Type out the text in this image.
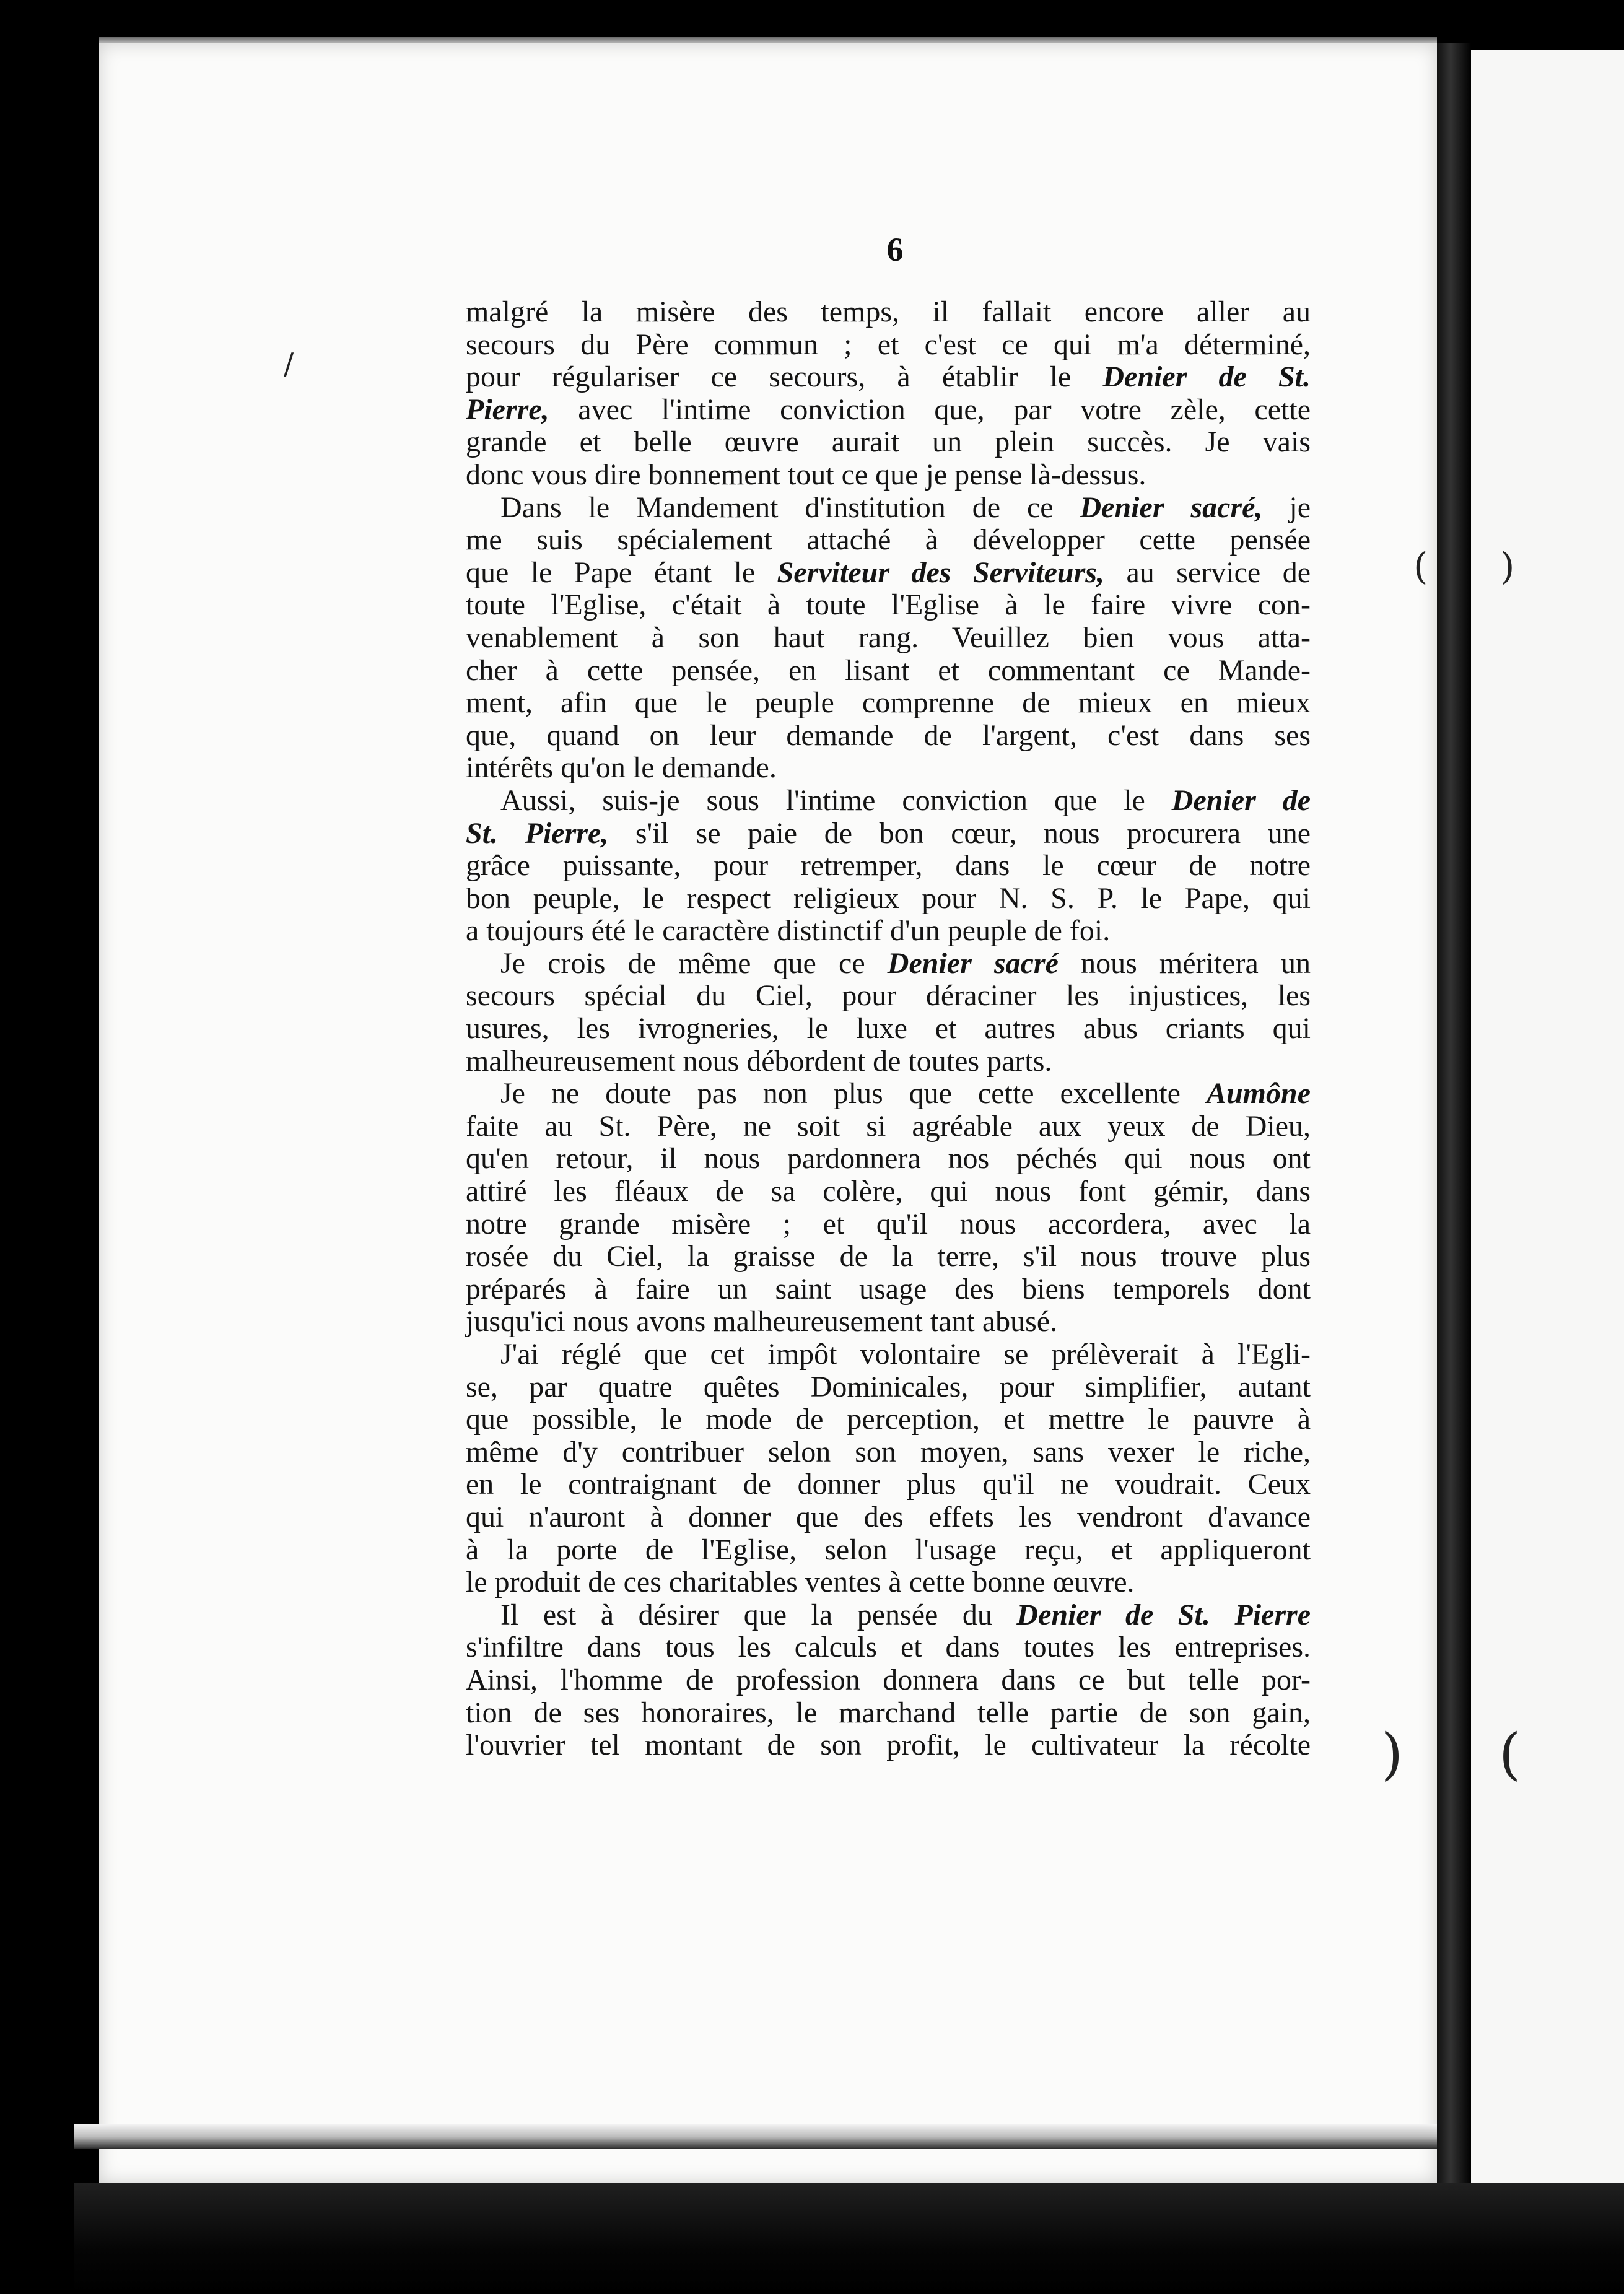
/
( )
) (
6
malgré la misère des temps, il fallait encore aller au
secours du Père commun ; et c'est ce qui m'a déterminé,
pour régulariser ce secours, à établir le Denier de St.
Pierre, avec l'intime conviction que, par votre zèle, cette
grande et belle œuvre aurait un plein succès. Je vais
donc vous dire bonnement tout ce que je pense là-dessus.
Dans le Mandement d'institution de ce Denier sacré, je
me suis spécialement attaché à développer cette pensée
que le Pape étant le Serviteur des Serviteurs, au service de
toute l'Eglise, c'était à toute l'Eglise à le faire vivre con-
venablement à son haut rang. Veuillez bien vous atta-
cher à cette pensée, en lisant et commentant ce Mande-
ment, afin que le peuple comprenne de mieux en mieux
que, quand on leur demande de l'argent, c'est dans ses
intérêts qu'on le demande.
Aussi, suis-je sous l'intime conviction que le Denier de
St. Pierre, s'il se paie de bon cœur, nous procurera une
grâce puissante, pour retremper, dans le cœur de notre
bon peuple, le respect religieux pour N. S. P. le Pape, qui
a toujours été le caractère distinctif d'un peuple de foi.
Je crois de même que ce Denier sacré nous méritera un
secours spécial du Ciel, pour déraciner les injustices, les
usures, les ivrogneries, le luxe et autres abus criants qui
malheureusement nous débordent de toutes parts.
Je ne doute pas non plus que cette excellente Aumône
faite au St. Père, ne soit si agréable aux yeux de Dieu,
qu'en retour, il nous pardonnera nos péchés qui nous ont
attiré les fléaux de sa colère, qui nous font gémir, dans
notre grande misère ; et qu'il nous accordera, avec la
rosée du Ciel, la graisse de la terre, s'il nous trouve plus
préparés à faire un saint usage des biens temporels dont
jusqu'ici nous avons malheureusement tant abusé.
J'ai réglé que cet impôt volontaire se prélèverait à l'Egli-
se, par quatre quêtes Dominicales, pour simplifier, autant
que possible, le mode de perception, et mettre le pauvre à
même d'y contribuer selon son moyen, sans vexer le riche,
en le contraignant de donner plus qu'il ne voudrait. Ceux
qui n'auront à donner que des effets les vendront d'avance
à la porte de l'Eglise, selon l'usage reçu, et appliqueront
le produit de ces charitables ventes à cette bonne œuvre.
Il est à désirer que la pensée du Denier de St. Pierre
s'infiltre dans tous les calculs et dans toutes les entreprises.
Ainsi, l'homme de profession donnera dans ce but telle por-
tion de ses honoraires, le marchand telle partie de son gain,
l'ouvrier tel montant de son profit, le cultivateur la récolte
